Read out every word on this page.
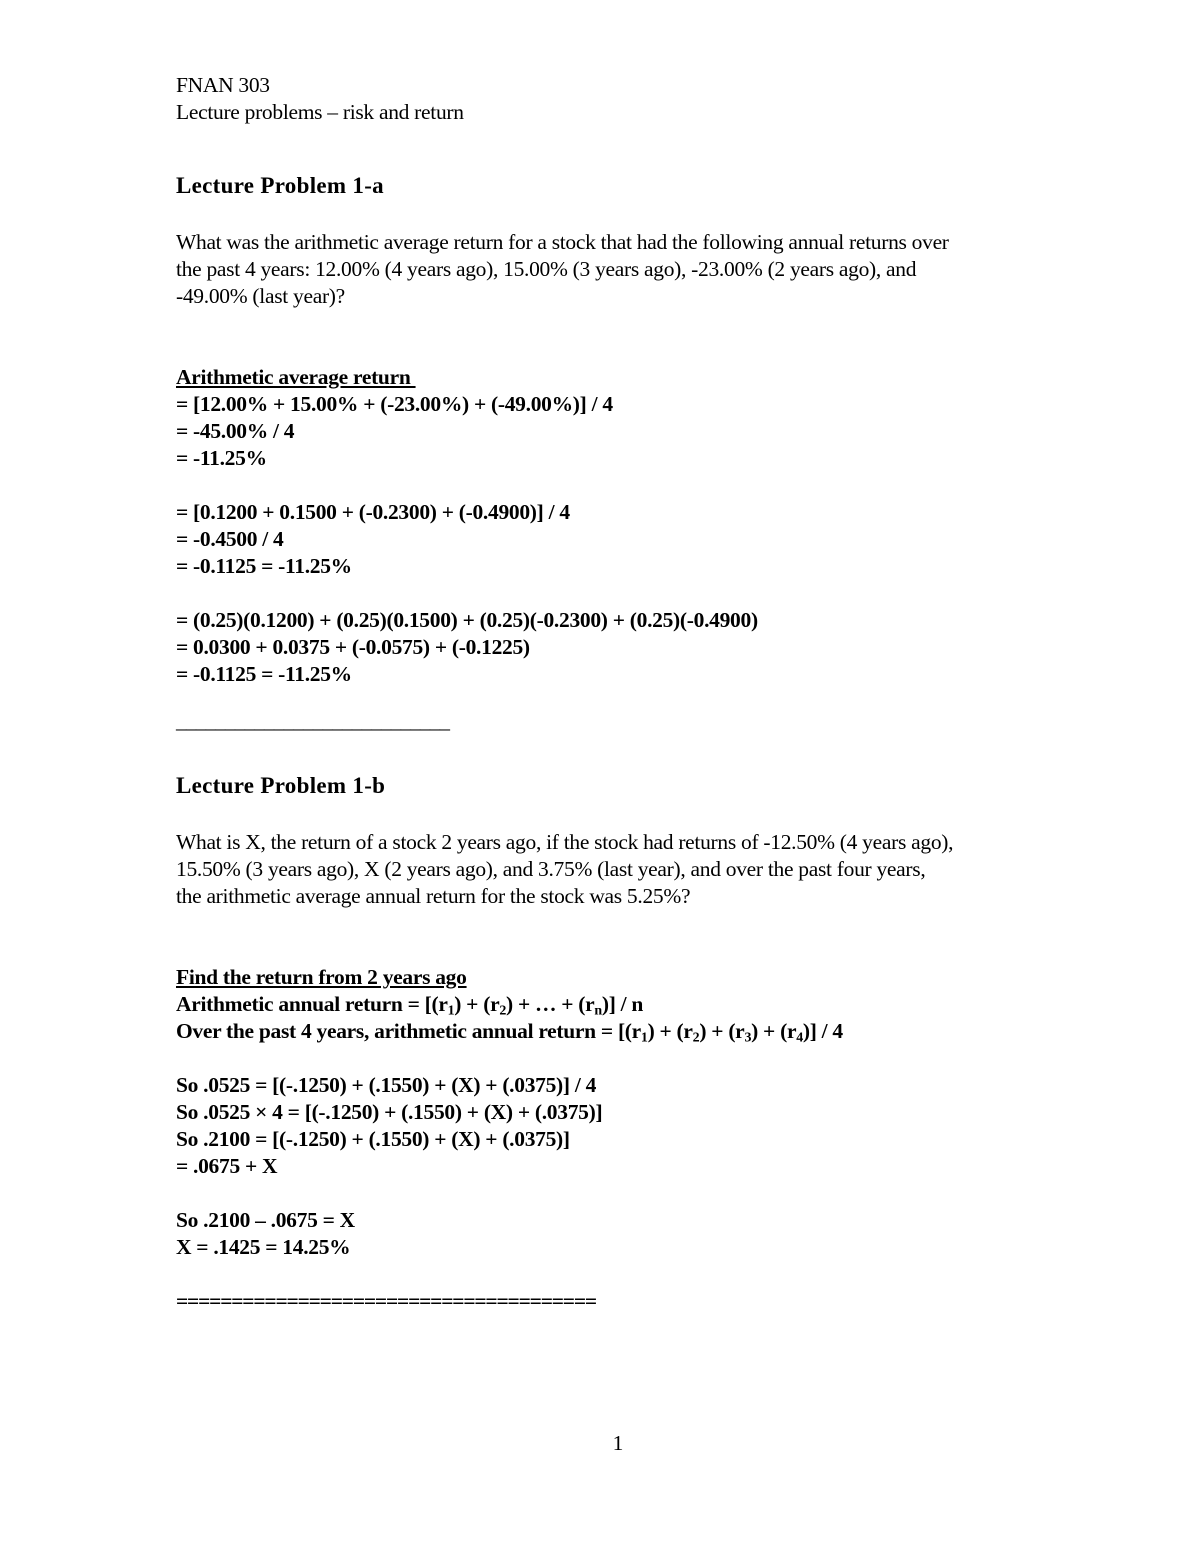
FNAN 303

Lecture problems – risk and return

Lecture Problem 1-a

What was the arithmetic average return for a stock that had the following annual returns over

the past 4 years: 12.00% (4 years ago), 15.00% (3 years ago), -23.00% (2 years ago), and

-49.00% (last year)?

Arithmetic average return

= [12.00% + 15.00% + (-23.00%) + (-49.00%)] / 4

= -45.00% / 4

= -11.25%

= [0.1200 + 0.1500 + (-0.2300) + (-0.4900)] / 4

= -0.4500 / 4

= -0.1125 = -11.25%

= (0.25)(0.1200) + (0.25)(0.1500) + (0.25)(-0.2300) + (0.25)(-0.4900)

= 0.0300 + 0.0375 + (-0.0575) + (-0.1225)

= -0.1125 = -11.25%

––––––––––––––––––––––––––––

Lecture Problem 1-b

What is X, the return of a stock 2 years ago, if the stock had returns of -12.50% (4 years ago),

15.50% (3 years ago), X (2 years ago), and 3.75% (last year), and over the past four years,

the arithmetic average annual return for the stock was 5.25%?

Find the return from 2 years ago

Arithmetic annual return = [$(r_1) + (r_2)$ + … + $(r_n)$] / n

Over the past 4 years, arithmetic annual return = $[(r_1) + (r_2) + (r_3) + (r_4)] / 4$

So .0525 = [(-.1250) + (.1550) + (X) + (.0375)] / 4

So .0525 × 4 = [(-.1250) + (.1550) + (X) + (.0375)]

So .2100 = [(-.1250) + (.1550) + (X) + (.0375)]

= .0675 + X

So .2100 – .0675 = X

X = .1425 = 14.25%

======================================

1
